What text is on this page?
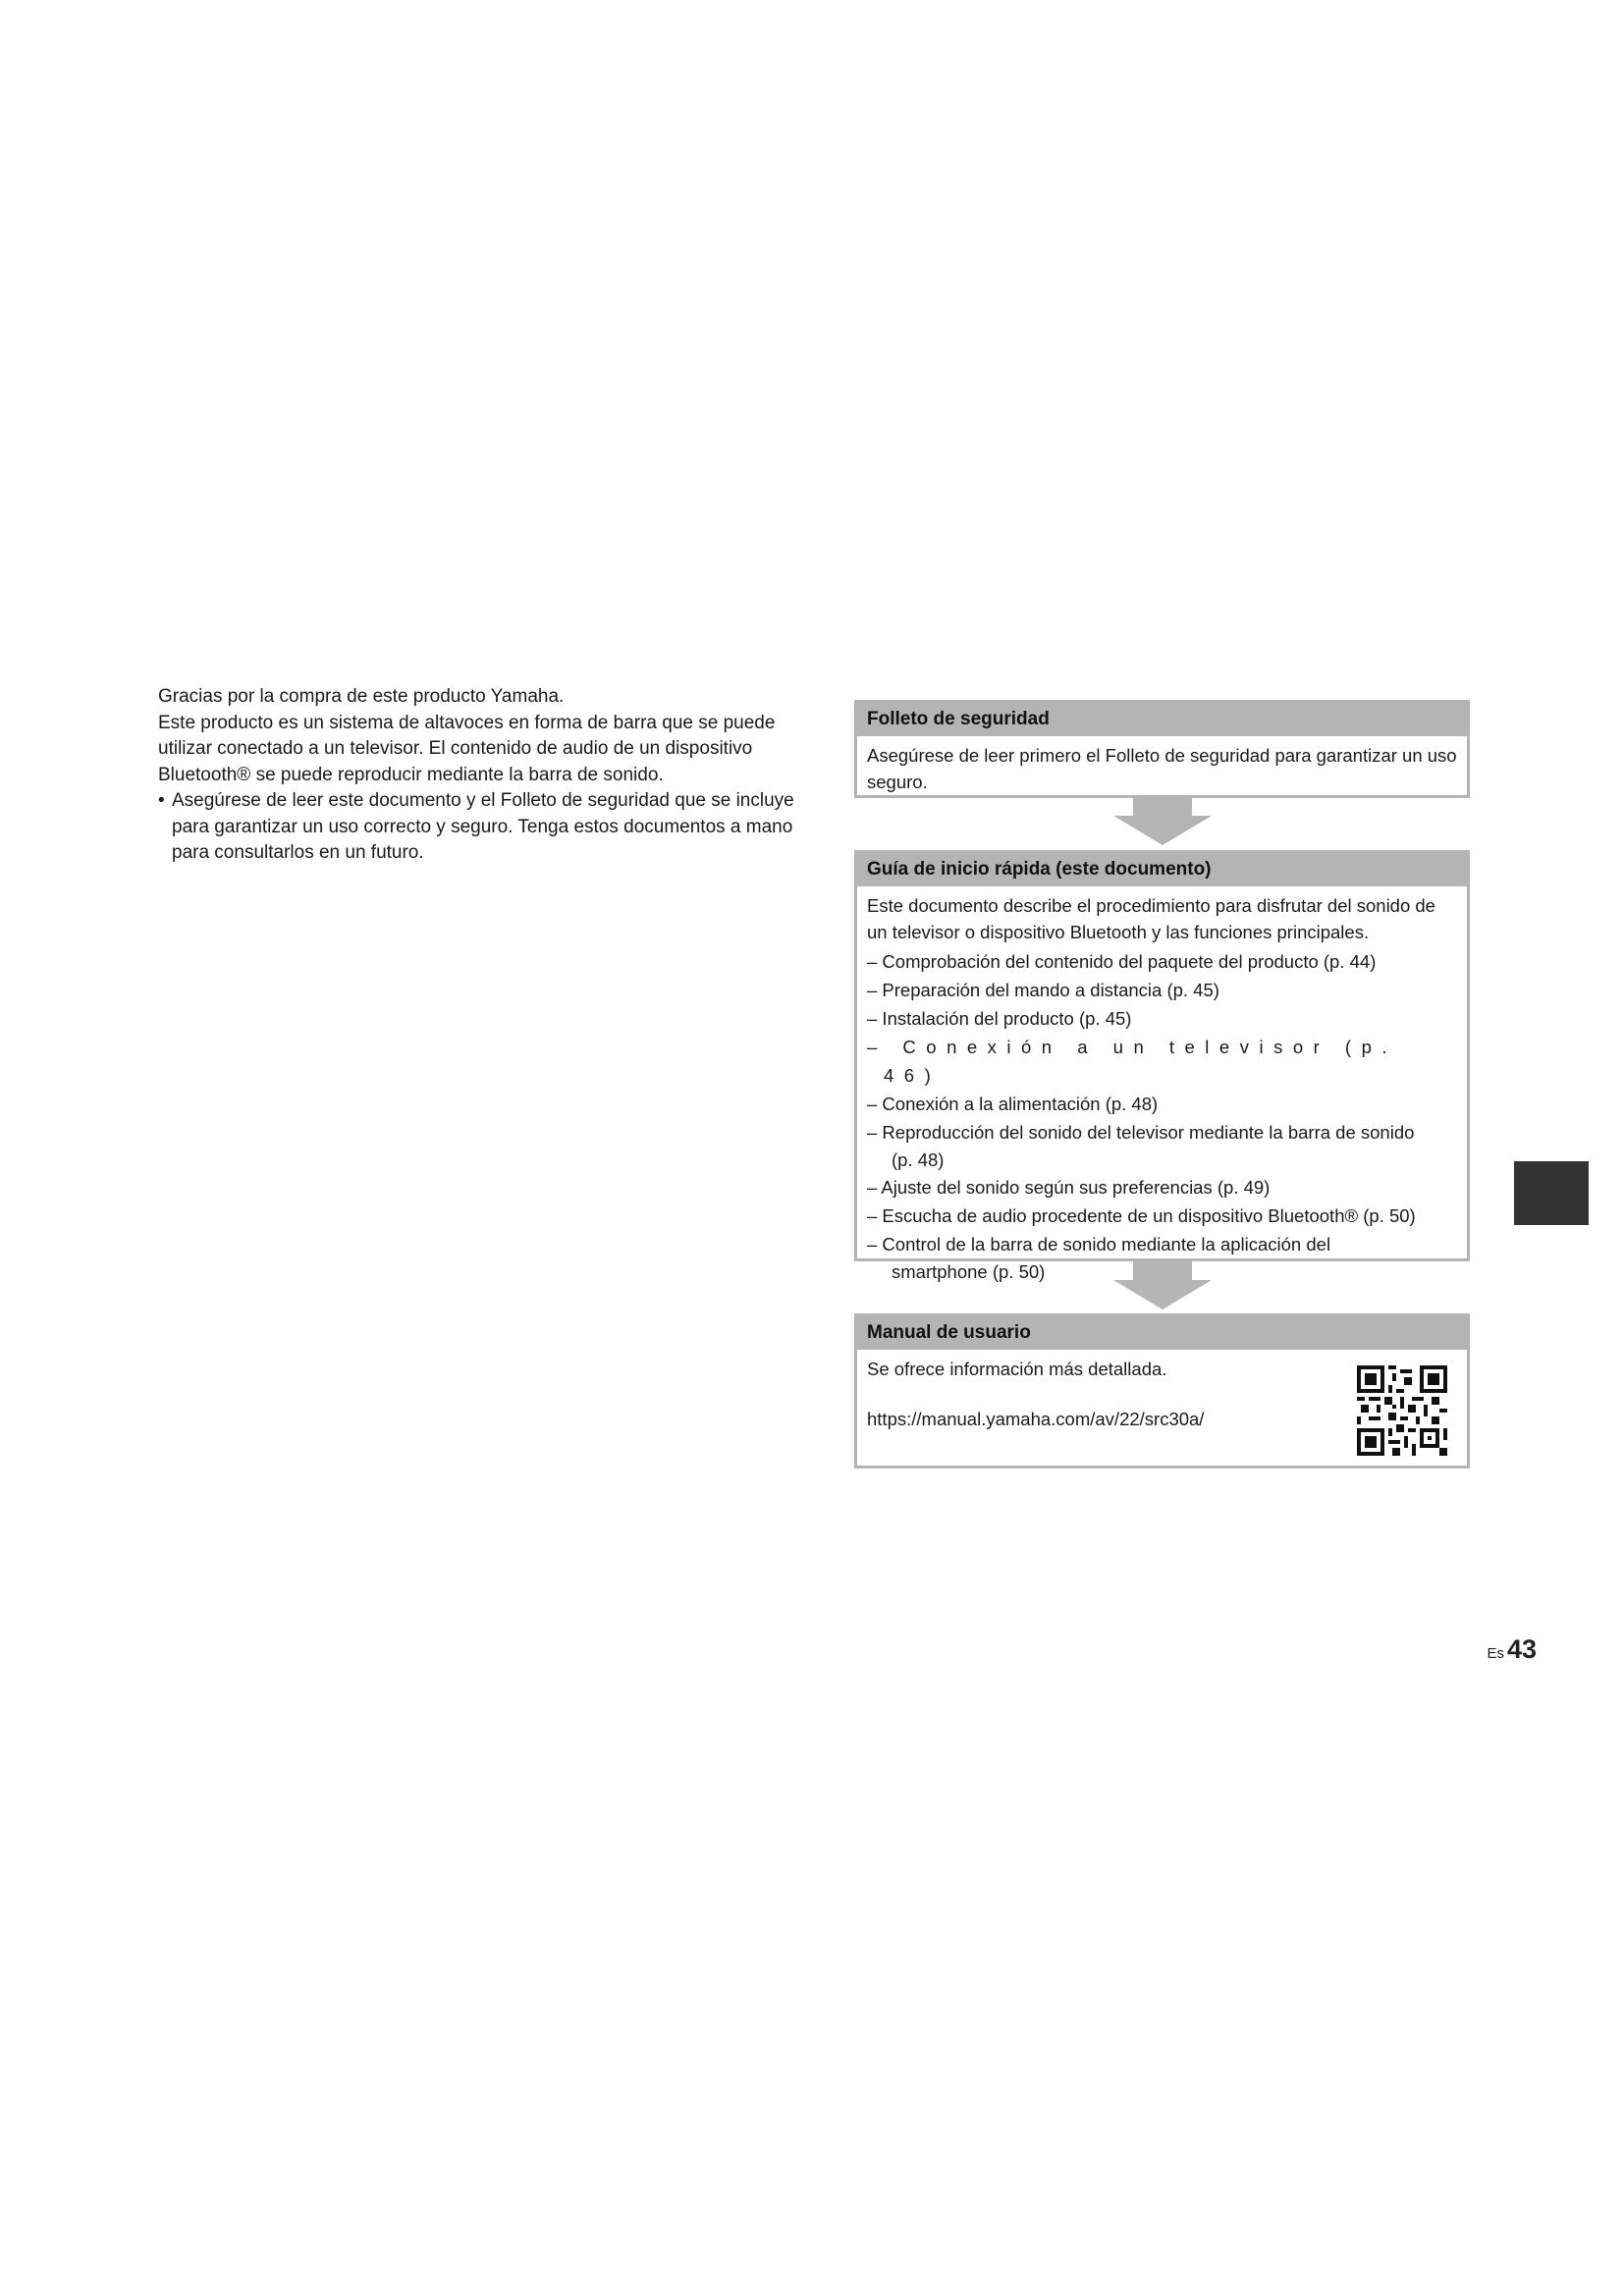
Gracias por la compra de este producto Yamaha.

Este producto es un sistema de altavoces en forma de barra que se puede utilizar conectado a un televisor. El contenido de audio de un dispositivo Bluetooth® se puede reproducir mediante la barra de sonido.

• Asegúrese de leer este documento y el Folleto de seguridad que se incluye para garantizar un uso correcto y seguro. Tenga estos documentos a mano para consultarlos en un futuro.
Folleto de seguridad

Asegúrese de leer primero el Folleto de seguridad para garantizar un uso seguro.

Guía de inicio rápida (este documento)

Este documento describe el procedimiento para disfrutar del sonido de un televisor o dispositivo Bluetooth y las funciones principales.

– Comprobación del contenido del paquete del producto (p. 44)
– Preparación del mando a distancia (p. 45)
– Instalación del producto (p. 45)
– Conexión a un televisor (p. 46)
– Conexión a la alimentación (p. 48)
– Reproducción del sonido del televisor mediante la barra de sonido
(p. 48)
– Ajuste del sonido según sus preferencias (p. 49)
– Escucha de audio procedente de un dispositivo Bluetooth® (p. 50)
– Control de la barra de sonido mediante la aplicación del
smartphone (p. 50)
Manual de usuario

Se ofrece información más detallada.

https://manual.yamaha.com/av/22/src30a/

Es 43
